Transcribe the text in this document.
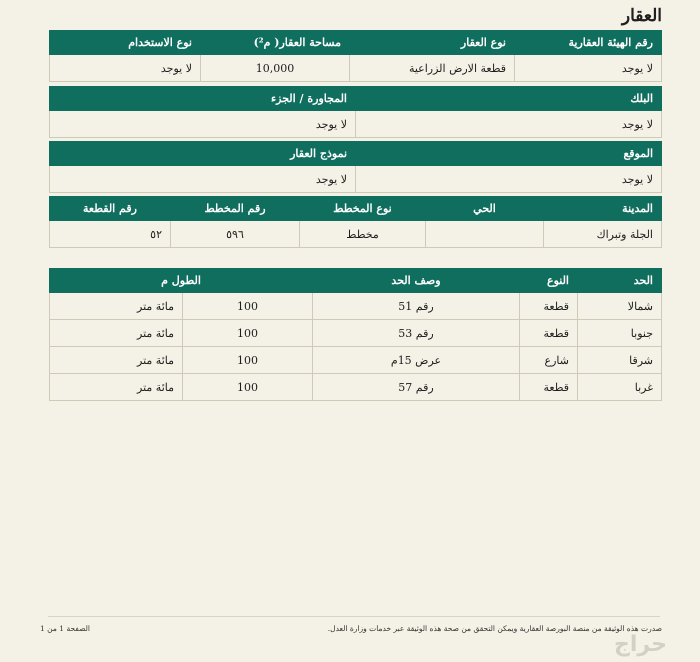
العقار
رقم الهيئة العقارية	نوع العقار	مساحة العقار( م²)	نوع الاستخدام
لا يوجد	قطعة الارض الزراعية	10,000	لا يوجد
البلك	المجاورة / الجزء
لا يوجد	لا يوجد
الموقع	نموذج العقار
لا يوجد	لا يوجد
المدينة	الحي	نوع المخطط	رقم المخطط	رقم القطعة
الجلة وتبراك		مخطط	٥٩٦	٥٢
الحد	النوع	وصف الحد	الطول م	
شمالا	قطعة	رقم 51	100	مائة متر
جنوبا	قطعة	رقم 53	100	مائة متر
شرقا	شارع	عرض 15م	100	مائة متر
غربا	قطعة	رقم 57	100	مائة متر
صدرت هذه الوثيقة من منصة البورصة العقارية ويمكن التحقق من صحة هذه الوثيقة عبر خدمات وزارة العدل.
الصفحة 1 من 1
حراج
